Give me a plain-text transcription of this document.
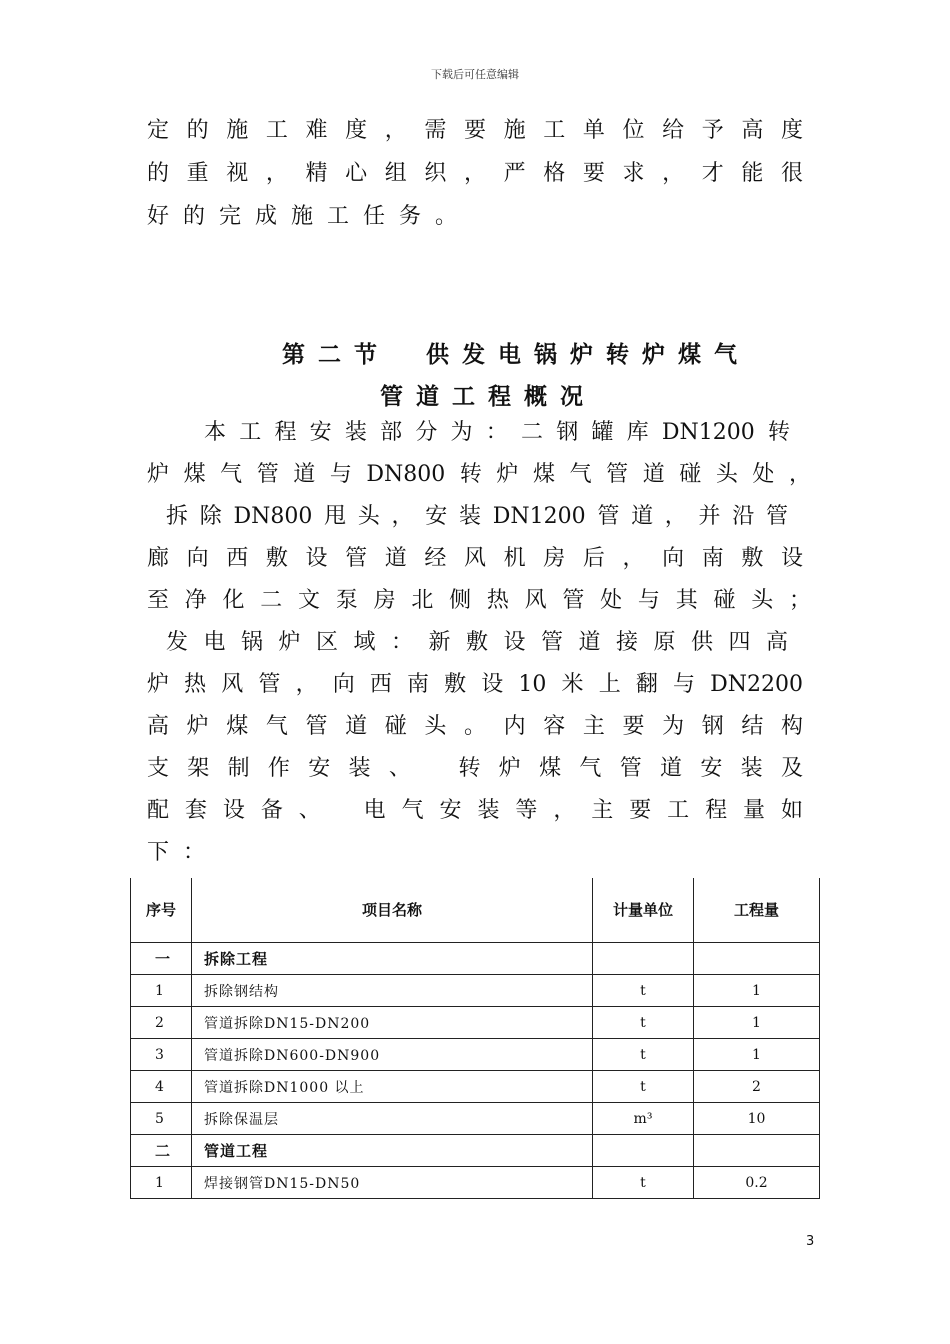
下载后可任意编辑
定的施工难度，需要施工单位给予高度
的重视，精心组织，严格要求，才能很
好的完成施工任务。
第二节　供发电锅炉转炉煤气
管道工程概况
本工程安装部分为：二钢罐库DN1200转
炉煤气管道与DN800转炉煤气管道碰头处，
拆除DN800甩头，安装DN1200管道，并沿管
廊向西敷设管道经风机房后，向南敷设
至净化二文泵房北侧热风管处与其碰头；
发电锅炉区域：新敷设管道接原供四高
炉热风管，向西南敷设10米上翻与DN2200
高炉煤气管道碰头。内容主要为钢结构
支架制作安装、　转炉煤气管道安装及
配套设备、　电气安装等，主要工程量如
下：
序号	项目名称	计量单位	工程量
一	拆除工程		
1	拆除钢结构	t	1
2	管道拆除DN15-DN200	t	1
3	管道拆除DN600-DN900	t	1
4	管道拆除DN1000 以上	t	2
5	拆除保温层	m³	10
二	管道工程		
1	焊接钢管DN15-DN50	t	0.2
3
